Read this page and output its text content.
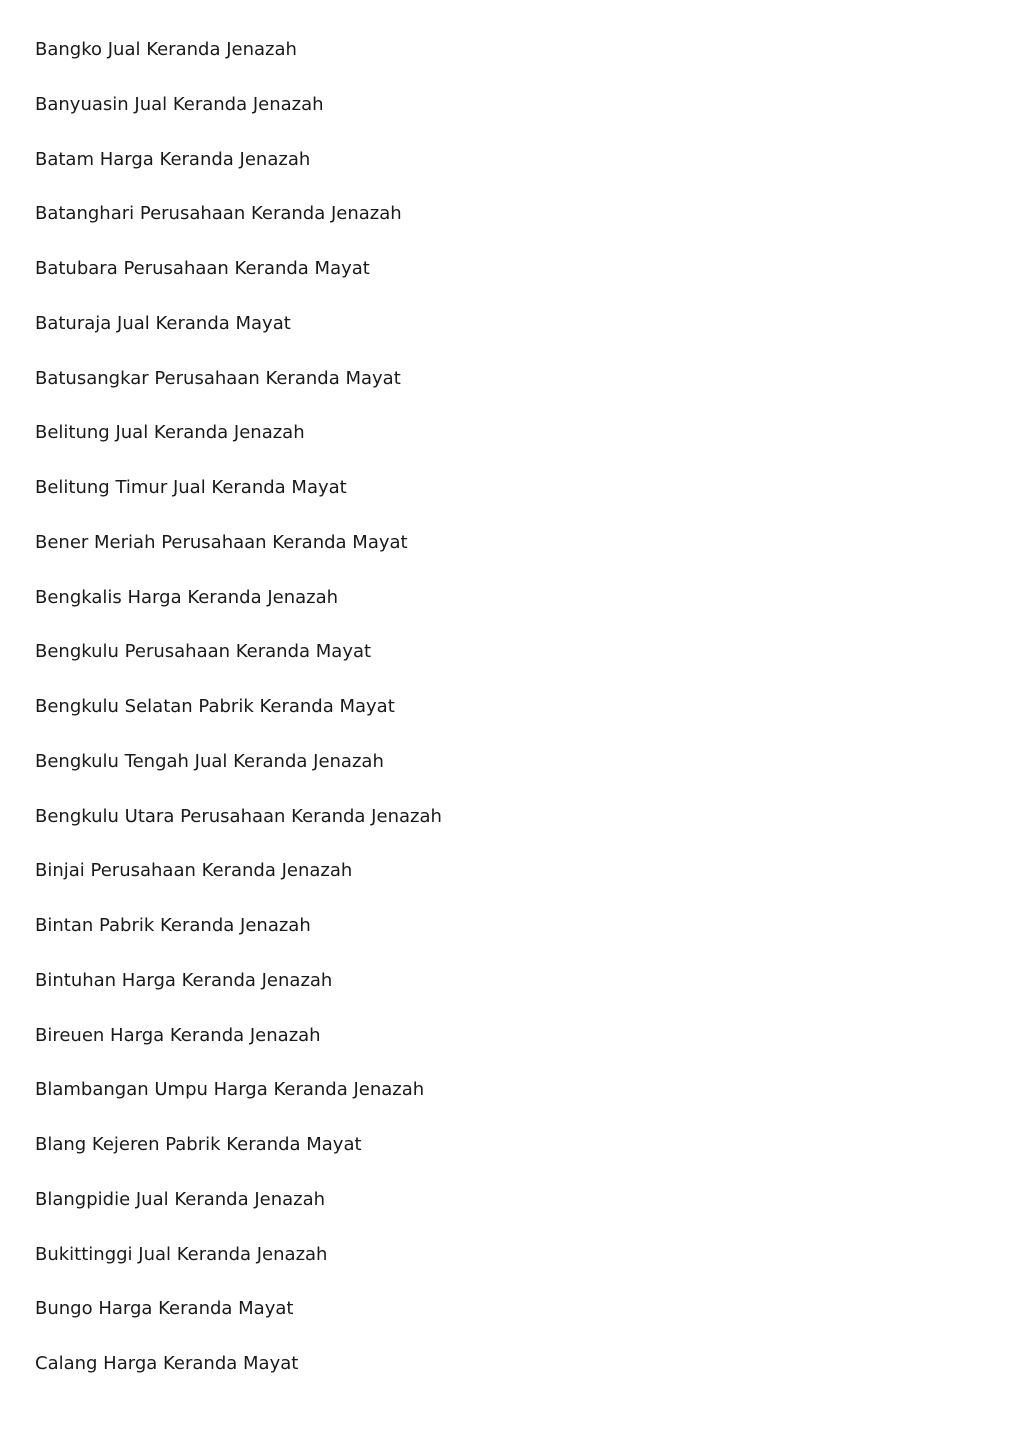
Bangko Jual Keranda Jenazah
Banyuasin Jual Keranda Jenazah
Batam Harga Keranda Jenazah
Batanghari Perusahaan Keranda Jenazah
Batubara Perusahaan Keranda Mayat
Baturaja Jual Keranda Mayat
Batusangkar Perusahaan Keranda Mayat
Belitung Jual Keranda Jenazah
Belitung Timur Jual Keranda Mayat
Bener Meriah Perusahaan Keranda Mayat
Bengkalis Harga Keranda Jenazah
Bengkulu Perusahaan Keranda Mayat
Bengkulu Selatan Pabrik Keranda Mayat
Bengkulu Tengah Jual Keranda Jenazah
Bengkulu Utara Perusahaan Keranda Jenazah
Binjai Perusahaan Keranda Jenazah
Bintan Pabrik Keranda Jenazah
Bintuhan Harga Keranda Jenazah
Bireuen Harga Keranda Jenazah
Blambangan Umpu Harga Keranda Jenazah
Blang Kejeren Pabrik Keranda Mayat
Blangpidie Jual Keranda Jenazah
Bukittinggi Jual Keranda Jenazah
Bungo Harga Keranda Mayat
Calang Harga Keranda Mayat
